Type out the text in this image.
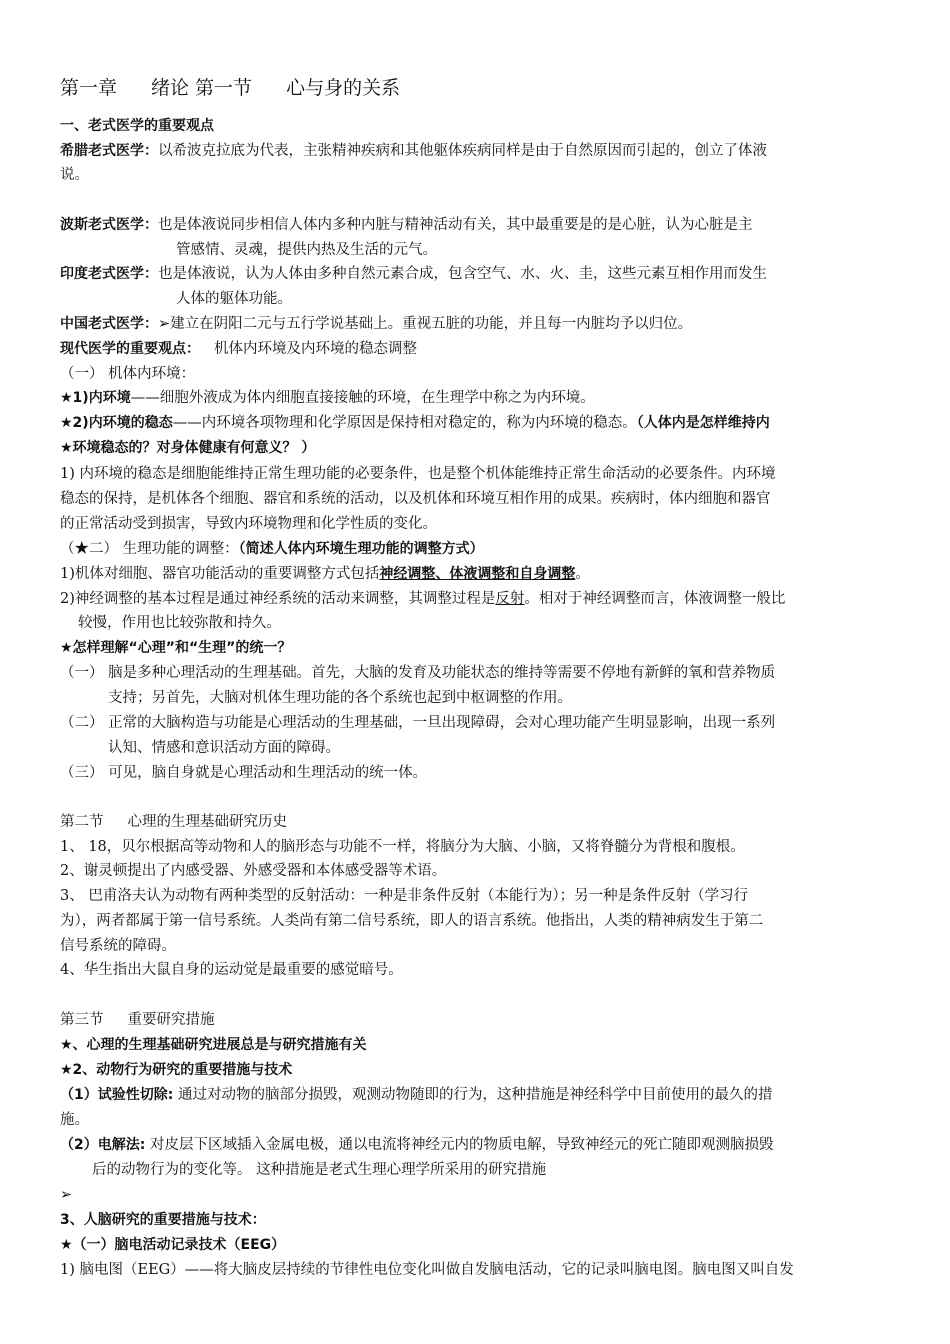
第一章 绪论 第一节 心与身的关系
一、老式医学的重要观点
希腊老式医学：以希波克拉底为代表，主张精神疾病和其他躯体疾病同样是由于自然原因而引起的，创立了体液
说。
波斯老式医学：也是体液说同步相信人体内多种内脏与精神活动有关，其中最重要是的是心脏，认为心脏是主
管感情、灵魂，提供内热及生活的元气。
印度老式医学：也是体液说，认为人体由多种自然元素合成，包含空气、水、火、圭，这些元素互相作用而发生
人体的躯体功能。
中国老式医学：➢建立在阴阳二元与五行学说基础上。重视五脏的功能，并且每一内脏均予以归位。
现代医学的重要观点： 机体内环境及内环境的稳态调整
（一） 机体内环境：
★1)内环境——细胞外液成为体内细胞直接接触的环境，在生理学中称之为内环境。
★2)内环境的稳态——内环境各项物理和化学原因是保持相对稳定的，称为内环境的稳态。（人体内是怎样维持内
★环境稳态的？对身体健康有何意义？ ）
1) 内环境的稳态是细胞能维持正常生理功能的必要条件，也是整个机体能维持正常生命活动的必要条件。内环境
稳态的保持，是机体各个细胞、器官和系统的活动，以及机体和环境互相作用的成果。疾病时，体内细胞和器官
的正常活动受到损害，导致内环境物理和化学性质的变化。
（★二） 生理功能的调整：（简述人体内环境生理功能的调整方式）
1)机体对细胞、器官功能活动的重要调整方式包括神经调整、体液调整和自身调整。
2)神经调整的基本过程是通过神经系统的活动来调整，其调整过程是反射。相对于神经调整而言，体液调整一般比
较慢，作用也比较弥散和持久。
★怎样理解“心理”和“生理”的统一？
（一） 脑是多种心理活动的生理基础。首先，大脑的发育及功能状态的维持等需要不停地有新鲜的氧和营养物质
支持；另首先，大脑对机体生理功能的各个系统也起到中枢调整的作用。
（二） 正常的大脑构造与功能是心理活动的生理基础，一旦出现障碍，会对心理功能产生明显影响，出现一系列
认知、情感和意识活动方面的障碍。
（三） 可见，脑自身就是心理活动和生理活动的统一体。
第二节 心理的生理基础研究历史
1、 18，贝尔根据高等动物和人的脑形态与功能不一样，将脑分为大脑、小脑，又将脊髓分为背根和腹根。
2、谢灵顿提出了内感受器、外感受器和本体感受器等术语。
3、 巴甫洛夫认为动物有两种类型的反射活动：一种是非条件反射（本能行为）；另一种是条件反射（学习行
为），两者都属于第一信号系统。人类尚有第二信号系统，即人的语言系统。他指出，人类的精神病发生于第二
信号系统的障碍。
4、华生指出大鼠自身的运动觉是最重要的感觉暗号。
第三节 重要研究措施
★、心理的生理基础研究进展总是与研究措施有关
★2、动物行为研究的重要措施与技术
（1）试验性切除: 通过对动物的脑部分损毁，观测动物随即的行为，这种措施是神经科学中目前使用的最久的措
施。
（2）电解法: 对皮层下区域插入金属电极，通以电流将神经元内的物质电解，导致神经元的死亡随即观测脑损毁
后的动物行为的变化等。 这种措施是老式生理心理学所采用的研究措施
➢
3、人脑研究的重要措施与技术：
★（一）脑电活动记录技术（EEG）
1) 脑电图（EEG）——将大脑皮层持续的节律性电位变化叫做自发脑电活动，它的记录叫脑电图。脑电图又叫自发
